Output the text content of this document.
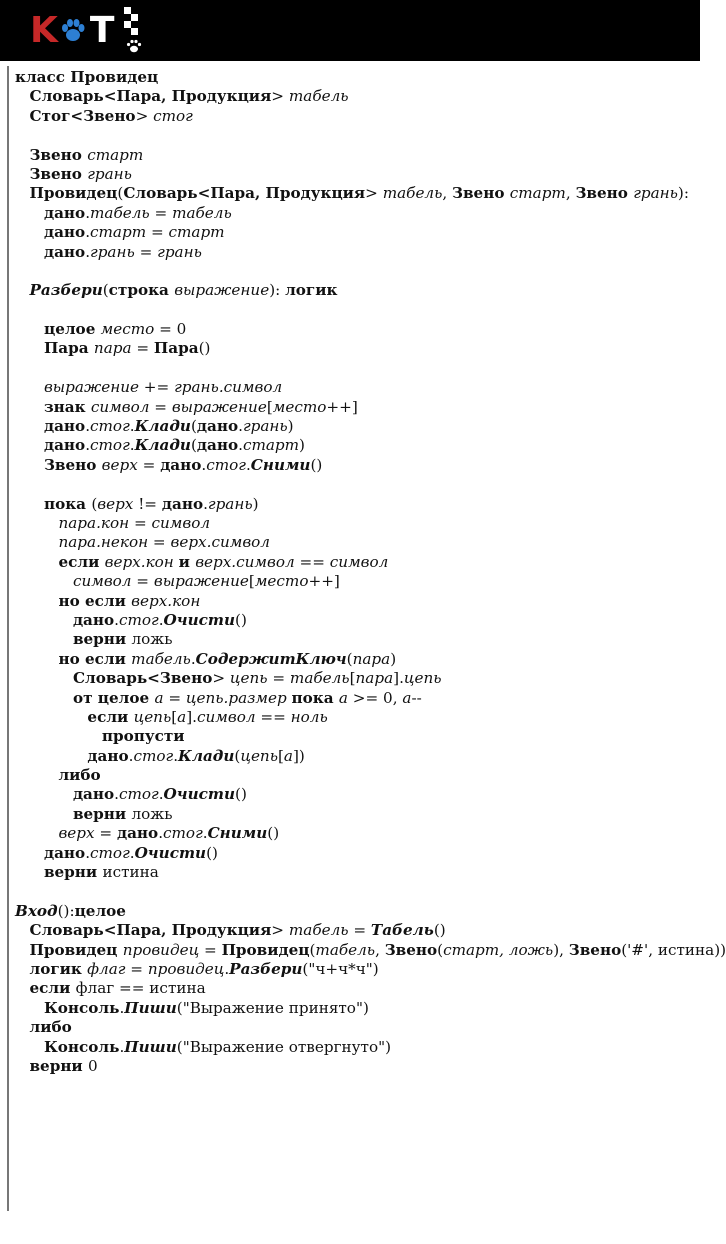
K T
класс Провидец
Словарь<Пара, Продукция> табель
Стог<Звено> стог

Звено старт
Звено грань
Провидец(Словарь<Пара, Продукция> табель, Звено старт, Звено грань):
дано.табель = табель
дано.старт = старт
дано.грань = грань

Разбери(строка выражение): логик

целое место = 0
Пара пара = Пара()

выражение += грань.символ
знак символ = выражение[место++]
дано.стог.Клади(дано.грань)
дано.стог.Клади(дано.старт)
Звено верх = дано.стог.Сними()

пока (верх != дано.грань)
пара.кон = символ
пара.некон = верх.символ
если верх.кон и верх.символ == символ
символ = выражение[место++]
но если верх.кон
дано.стог.Очисти()
верни ложь
но если табель.СодержитКлюч(пара)
Словарь<Звено> цепь = табель[пара].цепь
от целое а = цепь.размер пока а >= 0, а--
если цепь[а].символ == ноль
пропусти
дано.стог.Клади(цепь[а])
либо
дано.стог.Очисти()
верни ложь
верх = дано.стог.Сними()
дано.стог.Очисти()
верни истина

Вход():целое
Словарь<Пара, Продукция> табель = Табель()
Провидец провидец = Провидец(табель, Звено(старт, ложь), Звено('#', истина))
логик флаг = провидец.Разбери("ч+ч*ч")
если флаг == истина
Консоль.Пиши("Выражение принято")
либо
Консоль.Пиши("Выражение отвергнуто")
верни 0
